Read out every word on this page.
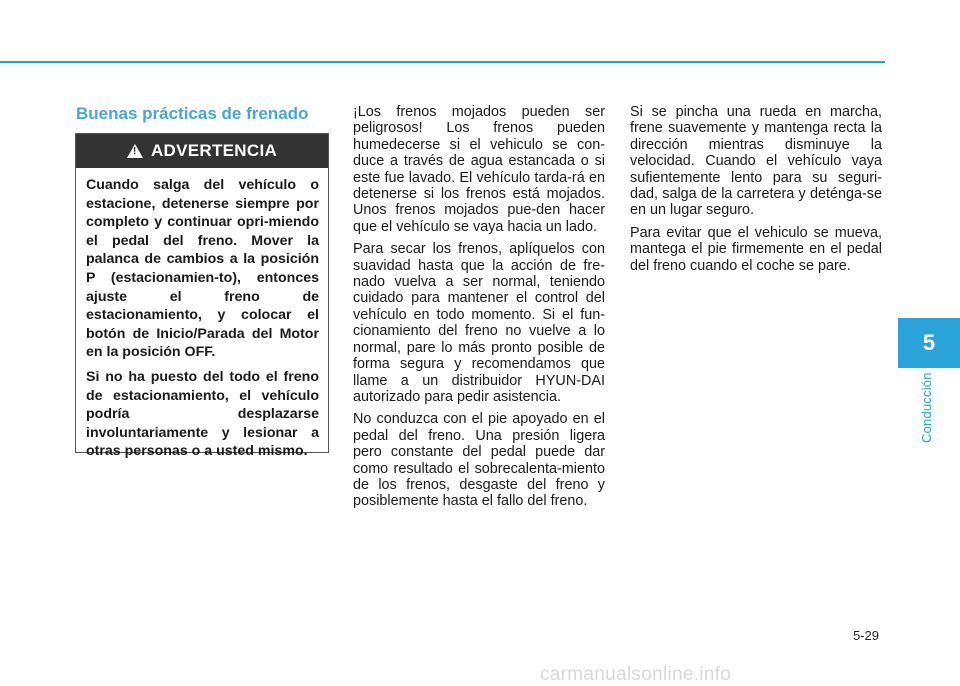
5
Conducción
Buenas prácticas de frenado
!
ADVERTENCIA

Cuando salga del vehículo o estacione, detenerse siempre por completo y continuar opri-miendo el pedal del freno. Mover la palanca de cambios a la posición P (estacionamien-to), entonces ajuste el freno de estacionamiento, y colocar el botón de Inicio/Parada del Motor en la posición OFF.

Si no ha puesto del todo el freno de estacionamiento, el vehículo podría desplazarse involuntariamente y lesionar a otras personas o a usted mismo.

¡Los frenos mojados pueden ser peligrosos! Los frenos pueden humedecerse si el vehiculo se con-duce a través de agua estancada o si este fue lavado. El vehículo tarda-rá en detenerse si los frenos está mojados. Unos frenos mojados pue-den hacer que el vehículo se vaya hacia un lado.

Para secar los frenos, aplíquelos con suavidad hasta que la acción de fre-nado vuelva a ser normal, teniendo cuidado para mantener el control del vehículo en todo momento. Si el fun-cionamiento del freno no vuelve a lo normal, pare lo más pronto posible de forma segura y recomendamos que llame a un distribuidor HYUN-DAI autorizado para pedir asistencia.

No conduzca con el pie apoyado en el pedal del freno. Una presión ligera pero constante del pedal puede dar como resultado el sobrecalenta-miento de los frenos, desgaste del freno y posiblemente hasta el fallo del freno.

Si se pincha una rueda en marcha, frene suavemente y mantenga recta la dirección mientras disminuye la velocidad. Cuando el vehículo vaya sufientemente lento para su seguri-dad, salga de la carretera y deténga-se en un lugar seguro.

Para evitar que el vehiculo se mueva, mantega el pie firmemente en el pedal del freno cuando el coche se pare.

5-29
carmanualsonline.info
